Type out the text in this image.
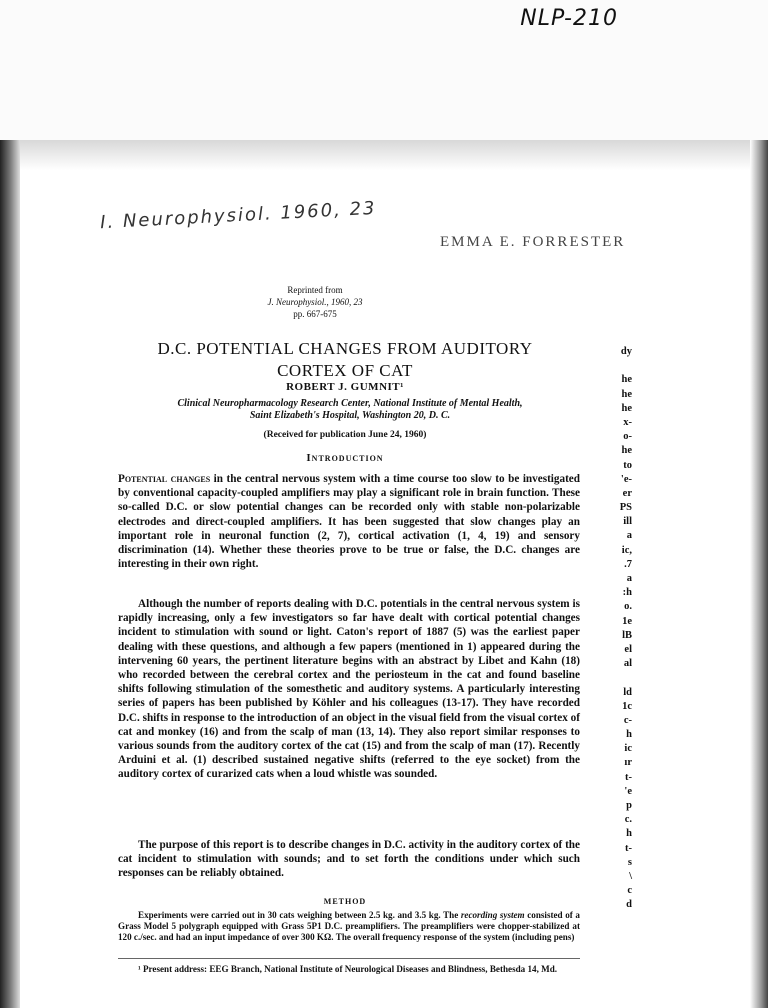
NLP-210
I. Neurophysiol. 1960, 23
EMMA E. FORRESTER
Reprinted from
J. Neurophysiol., 1960, 23
pp. 667-675
D.C. POTENTIAL CHANGES FROM AUDITORY
CORTEX OF CAT
ROBERT J. GUMNIT¹
Clinical Neuropharmacology Research Center, National Institute of Mental Health,
Saint Elizabeth's Hospital, Washington 20, D. C.
(Received for publication June 24, 1960)
Introduction
Potential changes in the central nervous system with a time course too slow to be investigated by conventional capacity-coupled amplifiers may play a significant role in brain function. These so-called D.C. or slow potential changes can be recorded only with stable non-polarizable electrodes and direct-coupled amplifiers. It has been suggested that slow changes play an important role in neuronal function (2, 7), cortical activation (1, 4, 19) and sensory discrimination (14). Whether these theories prove to be true or false, the D.C. changes are interesting in their own right.
Although the number of reports dealing with D.C. potentials in the central nervous system is rapidly increasing, only a few investigators so far have dealt with cortical potential changes incident to stimulation with sound or light. Caton's report of 1887 (5) was the earliest paper dealing with these questions, and although a few papers (mentioned in 1) appeared during the intervening 60 years, the pertinent literature begins with an abstract by Libet and Kahn (18) who recorded between the cerebral cortex and the periosteum in the cat and found baseline shifts following stimulation of the somesthetic and auditory systems. A particularly interesting series of papers has been published by Köhler and his colleagues (13-17). They have recorded D.C. shifts in response to the introduction of an object in the visual field from the visual cortex of cat and monkey (16) and from the scalp of man (13, 14). They also report similar responses to various sounds from the auditory cortex of the cat (15) and from the scalp of man (17). Recently Arduini et al. (1) described sustained negative shifts (referred to the eye socket) from the auditory cortex of curarized cats when a loud whistle was sounded.
The purpose of this report is to describe changes in D.C. activity in the auditory cortex of the cat incident to stimulation with sounds; and to set forth the conditions under which such responses can be reliably obtained.
METHOD
Experiments were carried out in 30 cats weighing between 2.5 kg. and 3.5 kg. The recording system consisted of a Grass Model 5 polygraph equipped with Grass 5P1 D.C. preamplifiers. The preamplifiers were chopper-stabilized at 120 c./sec. and had an input impedance of over 300 KΩ. The overall frequency response of the system (including pens)
¹ Present address: EEG Branch, National Institute of Neurological Diseases and Blindness, Bethesda 14, Md.
dy
he
he
he
x-
o-
he
to
'e-
er
PS
ill
a
ic,
.7
a
:h
o.
1e
lB
el
al
ld
1c
c-
h
ic
ır
t-
'e
p
c.
h
t-
s
\
c
d
